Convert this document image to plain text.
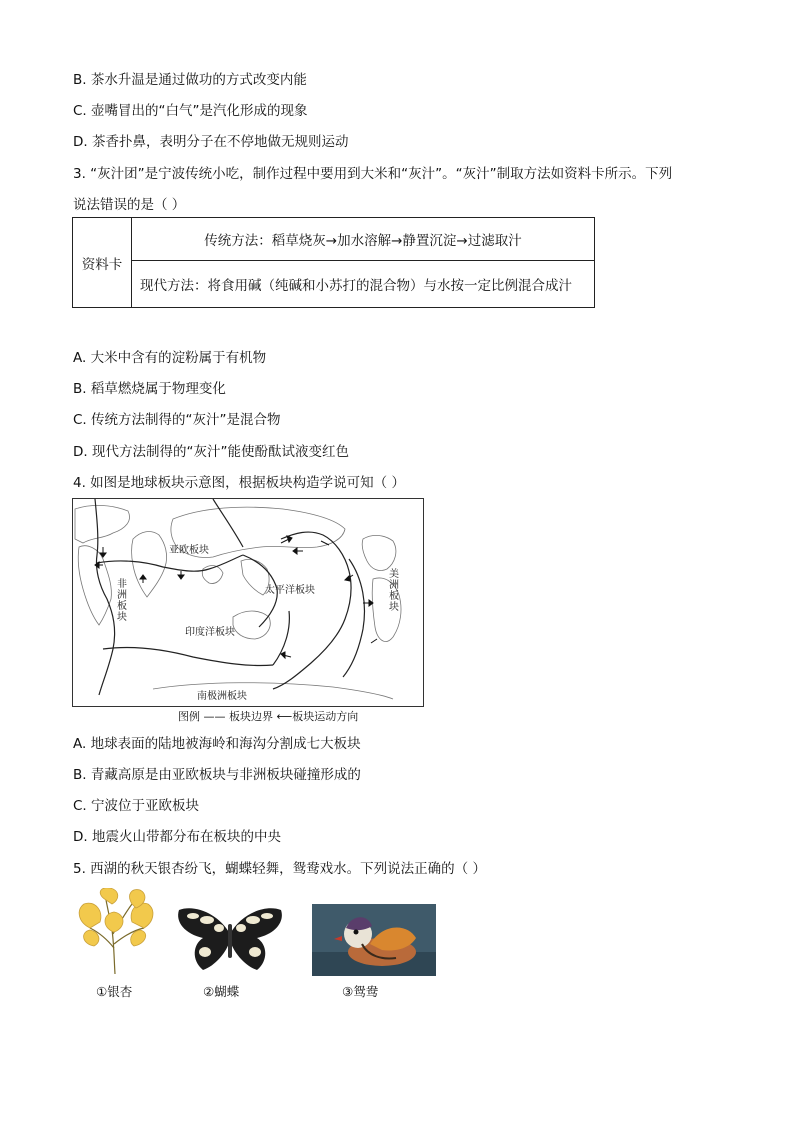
B. 茶水升温是通过做功的方式改变内能
C. 壶嘴冒出的“白气”是汽化形成的现象
D. 茶香扑鼻，表明分子在不停地做无规则运动
3. “灰汁团”是宁波传统小吃，制作过程中要用到大米和“灰汁”。“灰汁”制取方法如资料卡所示。下列
说法错误的是（ ）
资料卡	传统方法：稻草烧灰→加水溶解→静置沉淀→过滤取汁
现代方法：将食用碱（纯碱和小苏打的混合物）与水按一定比例混合成汁
A. 大米中含有的淀粉属于有机物
B. 稻草燃烧属于物理变化
C. 传统方法制得的“灰汁”是混合物
D. 现代方法制得的“灰汁”能使酚酞试液变红色
4. 如图是地球板块示意图，根据板块构造学说可知（ ）
亚欧板块
非
洲
板
块
太平洋板块
美
洲
板
块
印度洋板块
南极洲板块
图例 —— 板块边界 ⟵板块运动方向
A. 地球表面的陆地被海岭和海沟分割成七大板块
B. 青藏高原是由亚欧板块与非洲板块碰撞形成的
C. 宁波位于亚欧板块
D. 地震火山带都分布在板块的中央
5. 西湖的秋天银杏纷飞，蝴蝶轻舞，鸳鸯戏水。下列说法正确的（ ）
①银杏	②蝴蝶	③鸳鸯
